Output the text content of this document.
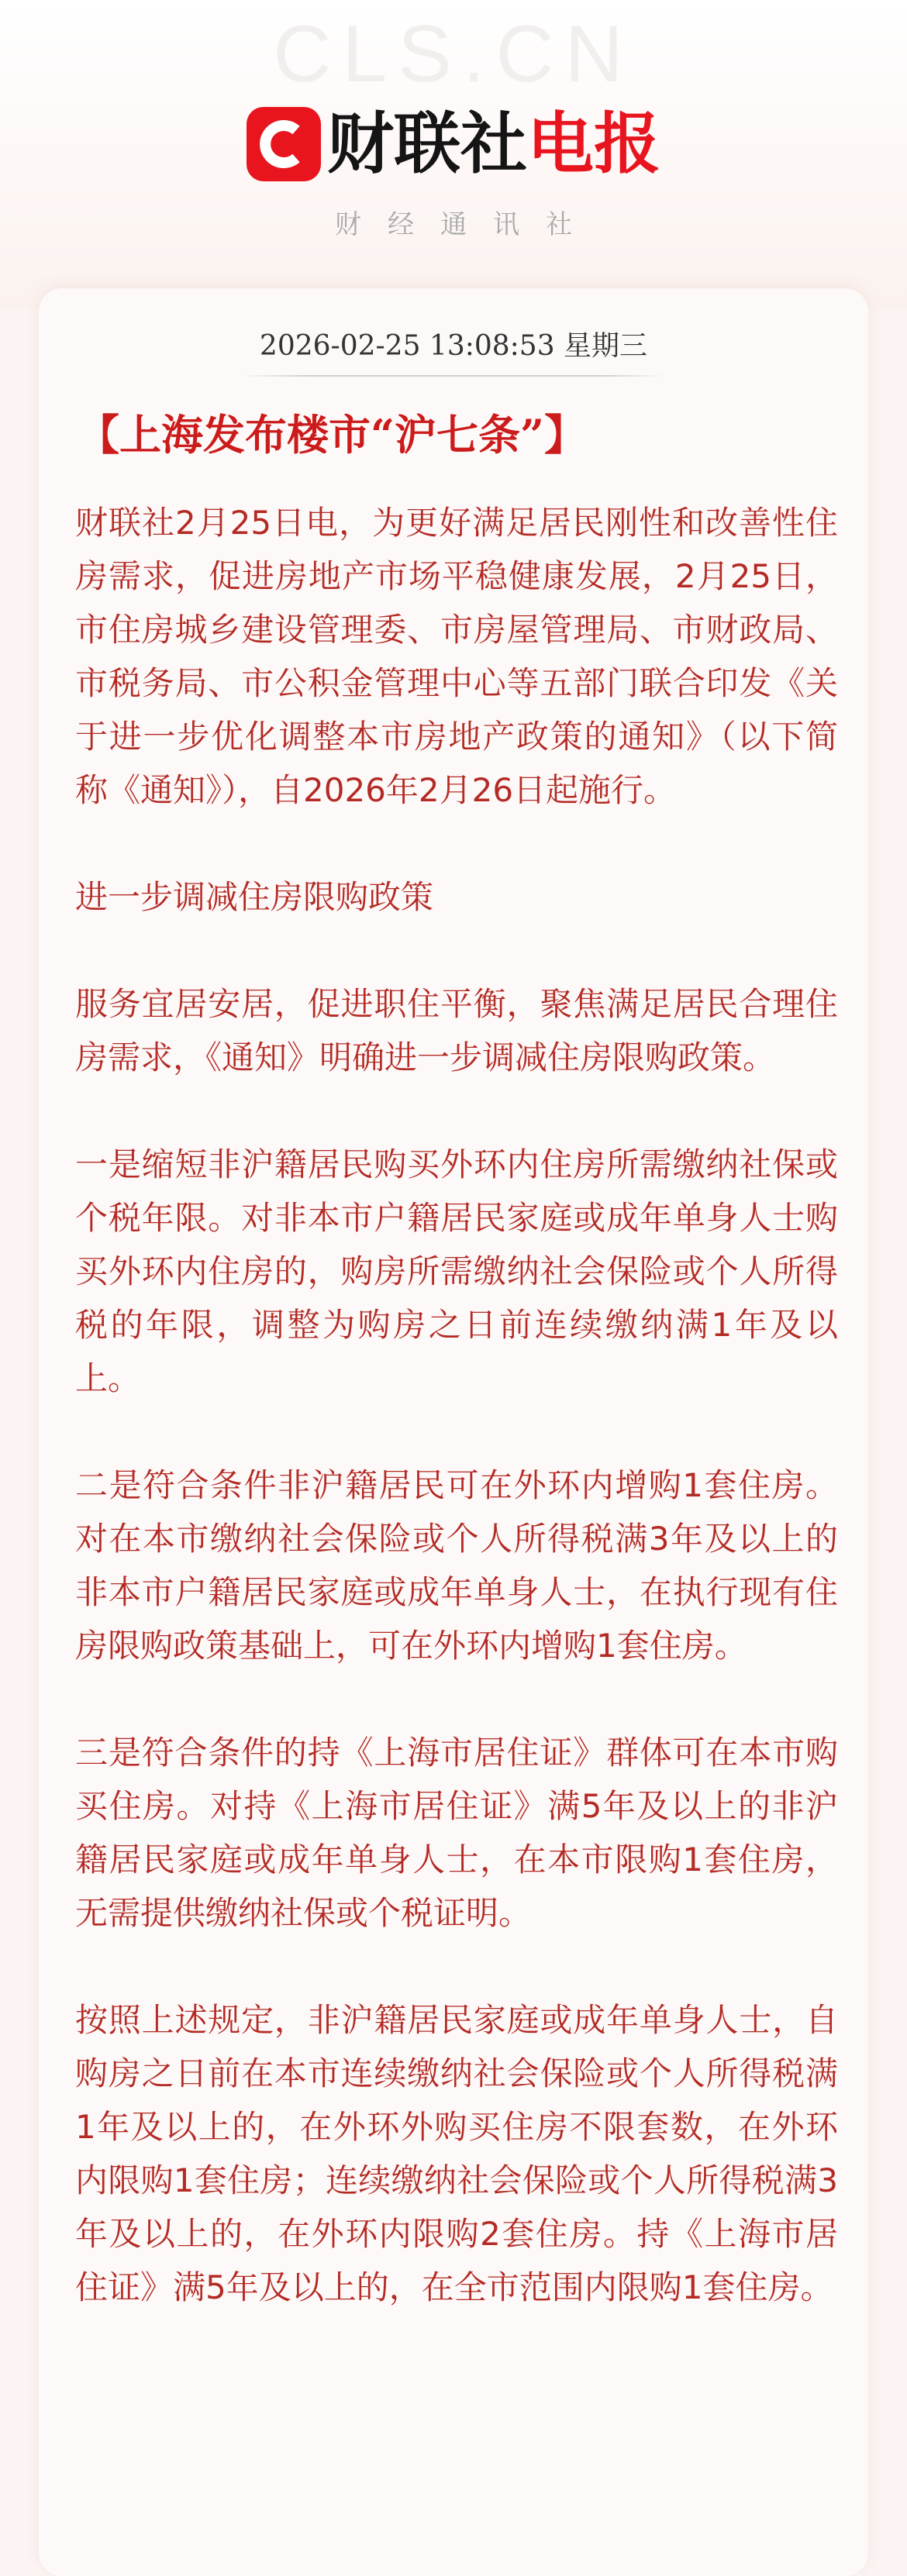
CLS.CN
财联社电报
财经通讯社
2026-02-25 13:08:53 星期三
【上海发布楼市“沪七条”】

财联社2月25日电，为更好满足居民刚性和改善性住房需求，促进房地产市场平稳健康发展，2月25日，市住房城乡建设管理委、市房屋管理局、市财政局、市税务局、市公积金管理中心等五部门联合印发《关于进一步优化调整本市房地产政策的通知》（以下简称《通知》），自2026年2月26日起施行。

进一步调减住房限购政策

服务宜居安居，促进职住平衡，聚焦满足居民合理住房需求，《通知》明确进一步调减住房限购政策。

一是缩短非沪籍居民购买外环内住房所需缴纳社保或个税年限。对非本市户籍居民家庭或成年单身人士购买外环内住房的，购房所需缴纳社会保险或个人所得税的年限，调整为购房之日前连续缴纳满1年及以上。

二是符合条件非沪籍居民可在外环内增购1套住房。对在本市缴纳社会保险或个人所得税满3年及以上的非本市户籍居民家庭或成年单身人士，在执行现有住房限购政策基础上，可在外环内增购1套住房。

三是符合条件的持《上海市居住证》群体可在本市购买住房。对持《上海市居住证》满5年及以上的非沪籍居民家庭或成年单身人士，在本市限购1套住房，无需提供缴纳社保或个税证明。

按照上述规定，非沪籍居民家庭或成年单身人士，自购房之日前在本市连续缴纳社会保险或个人所得税满1年及以上的，在外环外购买住房不限套数，在外环内限购1套住房；连续缴纳社会保险或个人所得税满3年及以上的，在外环内限购2套住房。持《上海市居住证》满5年及以上的，在全市范围内限购1套住房。
